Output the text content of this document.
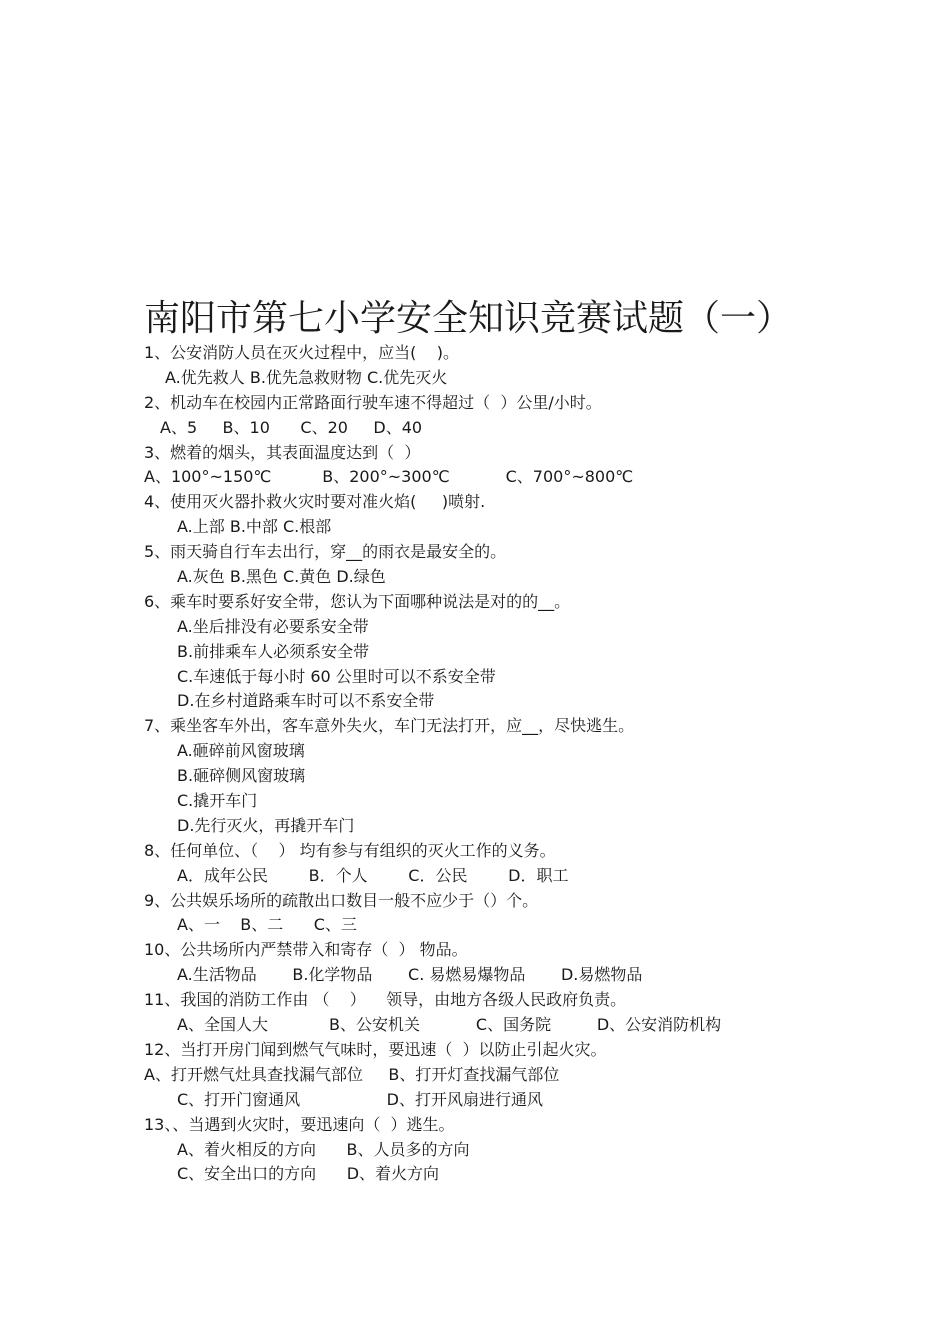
南阳市第七小学安全知识竞赛试题（一）
1、公安消防人员在灭火过程中，应当(    )。
A.优先救人 B.优先急救财物 C.优先灭火
2、机动车在校园内正常路面行驶车速不得超过（  ）公里/小时。
A、5     B、10      C、20     D、40
3、燃着的烟头，其表面温度达到（  ）
A、100°~150℃          B、200°~300℃           C、700°~800℃
4、使用灭火器扑救火灾时要对准火焰(     )喷射.
A.上部 B.中部 C.根部
5、雨天骑自行车去出行，穿__的雨衣是最安全的。
A.灰色 B.黑色 C.黄色 D.绿色
6、乘车时要系好安全带，您认为下面哪种说法是对的的__。
A.坐后排没有必要系安全带
B.前排乘车人必须系安全带
C.车速低于每小时 60 公里时可以不系安全带
D.在乡村道路乘车时可以不系安全带
7、乘坐客车外出，客车意外失火，车门无法打开，应__，尽快逃生。
A.砸碎前风窗玻璃
B.砸碎侧风窗玻璃
C.撬开车门
D.先行灭火，再撬开车门
8、任何单位、（    ） 均有参与有组织的灭火工作的义务。
A．成年公民        B．个人        C．公民        D．职工
9、公共娱乐场所的疏散出口数目一般不应少于（）个。
A、一    B、二      C、三
10、公共场所内严禁带入和寄存（  ） 物品。
A.生活物品       B.化学物品       C. 易燃易爆物品       D.易燃物品
11、我国的消防工作由 （    ）    领导，由地方各级人民政府负责。
A、全国人大            B、公安机关           C、国务院         D、公安消防机构
12、当打开房门闻到燃气气味时，要迅速（  ）以防止引起火灾。
A、打开燃气灶具查找漏气部位     B、打开灯查找漏气部位
C、打开门窗通风                 D、打开风扇进行通风
13、、当遇到火灾时，要迅速向（  ）逃生。
A、着火相反的方向      B、人员多的方向
C、安全出口的方向      D、着火方向
